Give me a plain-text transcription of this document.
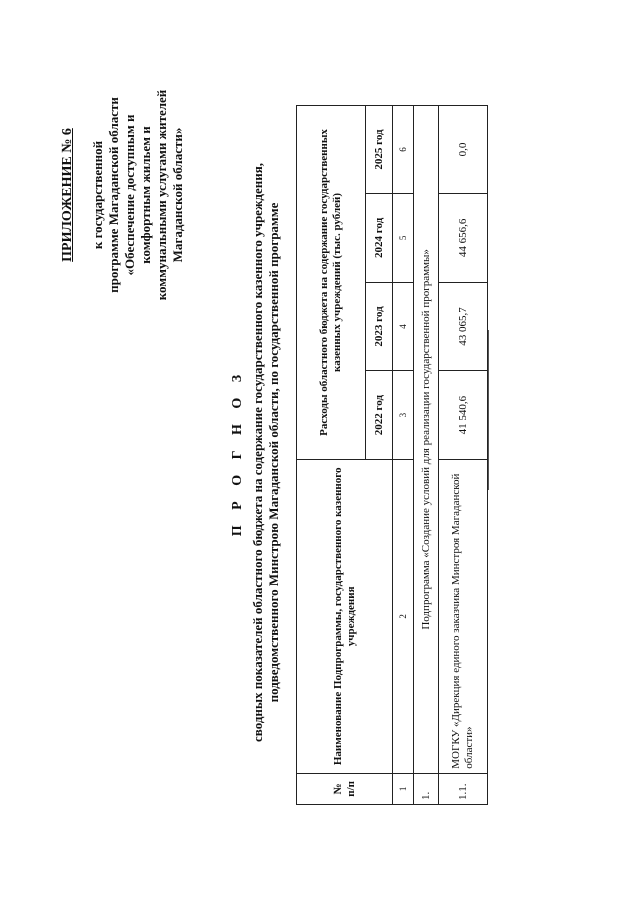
ПРИЛОЖЕНИЕ № 6 к государственной программе Магаданской области «Обеспечение доступным и комфортным жильем и коммунальными услугами жителей Магаданской области»
П Р О Г Н О З сводных показателей областного бюджета на содержание государственного казенного учреждения, подведомственного Минстрою Магаданской области, по государственной программе
№ п/п	Наименование Подпрограммы, государственного казенного учреждения	Расходы областного бюджета на содержание государственных казенных учреждений (тыс. рублей)			
		2022 год	2023 год	2024 год	2025 год
1	2	3	4	5	6
1.	Подпрограмма «Создание условий для реализации государственной программы»				
1.1.	МОГКУ «Дирекция единого заказчика Минстроя Магаданской области»	41 540,6	43 065,7	44 656,6	0,0
